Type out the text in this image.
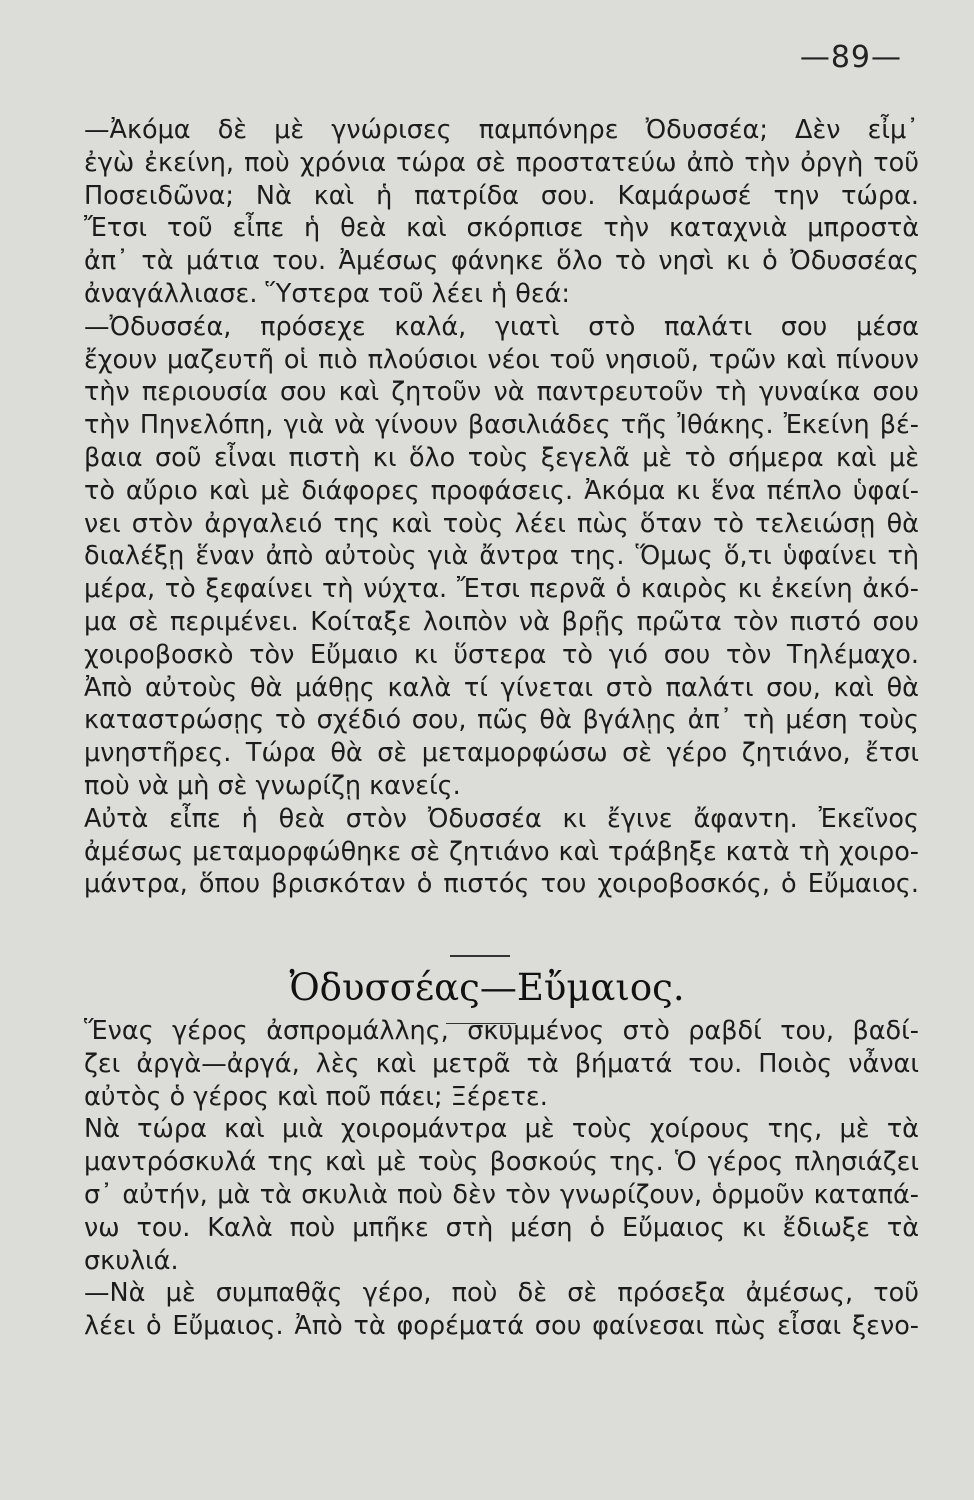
—89—
—Ἀκόμα δὲ μὲ γνώρισες παμπόνηρε Ὀδυσσέα; Δὲν εἶμ᾽
ἐγὼ ἐκείνη, ποὺ χρόνια τώρα σὲ προστατεύω ἀπὸ τὴν ὀργὴ τοῦ
Ποσειδῶνα; Νὰ καὶ ἡ πατρίδα σου. Καμάρωσέ την τώρα.
Ἔτσι τοῦ εἶπε ἡ θεὰ καὶ σκόρπισε τὴν καταχνιὰ μπροστὰ
ἀπ᾽ τὰ μάτια του. Ἀμέσως φάνηκε ὅλο τὸ νησὶ κι ὁ Ὀδυσσέας
ἀναγάλλιασε. Ὕστερα τοῦ λέει ἡ θεά:
—Ὀδυσσέα, πρόσεχε καλά, γιατὶ στὸ παλάτι σου μέσα
ἔχουν μαζευτῆ οἱ πιὸ πλούσιοι νέοι τοῦ νησιοῦ, τρῶν καὶ πίνουν
τὴν περιουσία σου καὶ ζητοῦν νὰ παντρευτοῦν τὴ γυναίκα σου
τὴν Πηνελόπη, γιὰ νὰ γίνουν βασιλιάδες τῆς Ἰθάκης. Ἐκείνη βέ-
βαια σοῦ εἶναι πιστὴ κι ὅλο τοὺς ξεγελᾶ μὲ τὸ σήμερα καὶ μὲ
τὸ αὔριο καὶ μὲ διάφορες προφάσεις. Ἀκόμα κι ἕνα πέπλο ὑφαί-
νει στὸν ἀργαλειό της καὶ τοὺς λέει πὼς ὅταν τὸ τελειώσῃ θὰ
διαλέξῃ ἕναν ἀπὸ αὐτοὺς γιὰ ἄντρα της. Ὅμως ὅ,τι ὑφαίνει τὴ
μέρα, τὸ ξεφαίνει τὴ νύχτα. Ἔτσι περνᾶ ὁ καιρὸς κι ἐκείνη ἀκό-
μα σὲ περιμένει. Κοίταξε λοιπὸν νὰ βρῇς πρῶτα τὸν πιστό σου
χοιροβοσκὸ τὸν Εὔμαιο κι ὕστερα τὸ γιό σου τὸν Τηλέμαχο.
Ἀπὸ αὐτοὺς θὰ μάθῃς καλὰ τί γίνεται στὸ παλάτι σου, καὶ θὰ
καταστρώσῃς τὸ σχέδιό σου, πῶς θὰ βγάλῃς ἀπ᾽ τὴ μέση τοὺς
μνηστῆρες. Τώρα θὰ σὲ μεταμορφώσω σὲ γέρο ζητιάνο, ἔτσι
ποὺ νὰ μὴ σὲ γνωρίζῃ κανείς.
Αὐτὰ εἶπε ἡ θεὰ στὸν Ὀδυσσέα κι ἔγινε ἄφαντη. Ἐκεῖνος
ἀμέσως μεταμορφώθηκε σὲ ζητιάνο καὶ τράβηξε κατὰ τὴ χοιρο-
μάντρα, ὅπου βρισκόταν ὁ πιστός του χοιροβοσκός, ὁ Εὔμαιος.
Ὀδυσσέας—Εὔμαιος.
Ἕνας γέρος ἀσπρομάλλης, σκυμμένος στὸ ραβδί του, βαδί-
ζει ἀργὰ—ἀργά, λὲς καὶ μετρᾶ τὰ βήματά του. Ποιὸς νἆναι
αὐτὸς ὁ γέρος καὶ ποῦ πάει; Ξέρετε.
Νὰ τώρα καὶ μιὰ χοιρομάντρα μὲ τοὺς χοίρους της, μὲ τὰ
μαντρόσκυλά της καὶ μὲ τοὺς βοσκούς της. Ὁ γέρος πλησιάζει
σ᾽ αὐτήν, μὰ τὰ σκυλιὰ ποὺ δὲν τὸν γνωρίζουν, ὁρμοῦν καταπά-
νω του. Καλὰ ποὺ μπῆκε στὴ μέση ὁ Εὔμαιος κι ἔδιωξε τὰ
σκυλιά.
—Νὰ μὲ συμπαθᾷς γέρο, ποὺ δὲ σὲ πρόσεξα ἀμέσως, τοῦ
λέει ὁ Εὔμαιος. Ἀπὸ τὰ φορέματά σου φαίνεσαι πὼς εἶσαι ξενο-
